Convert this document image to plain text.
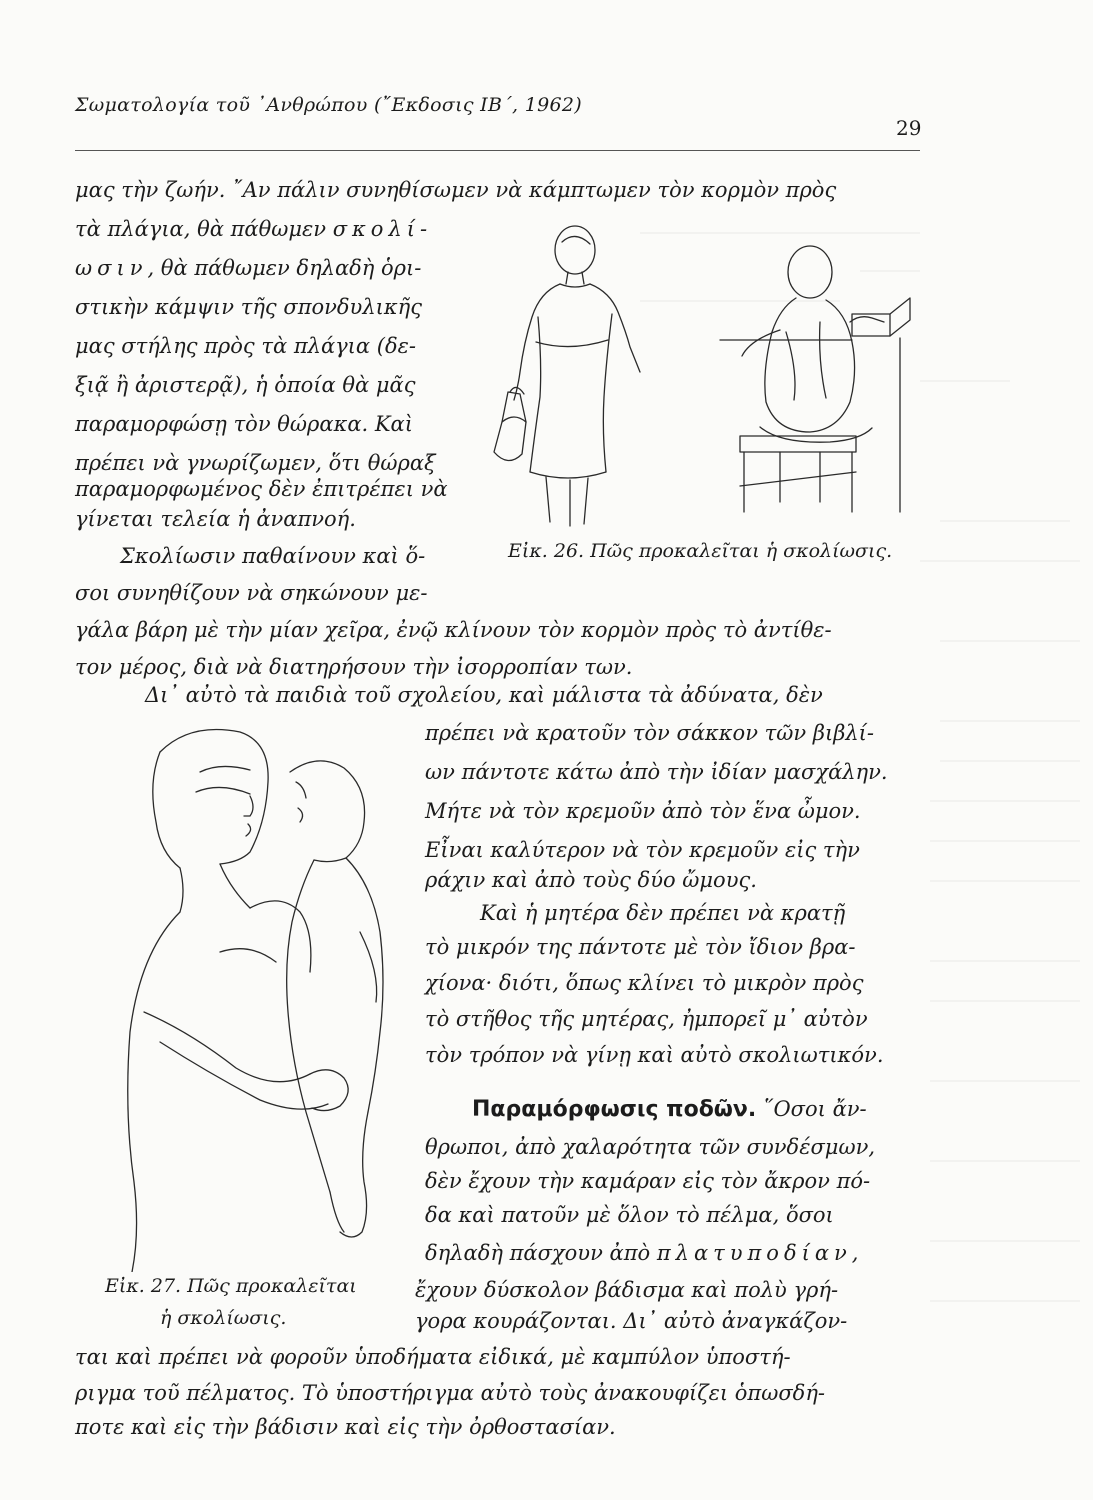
Σωματολογία τοῦ ᾿Ανθρώπου (῎Εκδοσις ΙΒ΄, 1962)
29
μας τὴν ζωήν. ῎Αν πάλιν συνηθίσωμεν νὰ κάμπτωμεν τὸν κορμὸν πρὸς
τὰ πλάγια, θὰ πάθωμεν σκολί-
ωσιν, θὰ πάθωμεν δηλαδὴ ὁρι-
στικὴν κάμψιν τῆς σπονδυλικῆς
μας στήλης πρὸς τὰ πλάγια (δε-
ξιᾷ ἢ ἀριστερᾷ), ἡ ὁποία θὰ μᾶς
παραμορφώσῃ τὸν θώρακα. Καὶ
πρέπει νὰ γνωρίζωμεν, ὅτι θώραξ
παραμορφωμένος δὲν ἐπιτρέπει νὰ
γίνεται τελεία ἡ ἀναπνοή.
Σκολίωσιν παθαίνουν καὶ ὅ-
σοι συνηθίζουν νὰ σηκώνουν με-
γάλα βάρη μὲ τὴν μίαν χεῖρα, ἐνῷ κλίνουν τὸν κορμὸν πρὸς τὸ ἀντίθε-
τον μέρος, διὰ νὰ διατηρήσουν τὴν ἰσορροπίαν των.
Δι᾿ αὐτὸ τὰ παιδιὰ τοῦ σχολείου, καὶ μάλιστα τὰ ἀδύνατα, δὲν
Εἰκ. 26. Πῶς προκαλεῖται ἡ σκολίωσις.
Εἰκ. 27. Πῶς προκαλεῖται
ἡ σκολίωσις.
πρέπει νὰ κρατοῦν τὸν σάκκον τῶν βιβλί-
ων πάντοτε κάτω ἀπὸ τὴν ἰδίαν μασχάλην.
Μήτε νὰ τὸν κρεμοῦν ἀπὸ τὸν ἕνα ὦμον.
Εἶναι καλύτερον νὰ τὸν κρεμοῦν εἰς τὴν
ράχιν καὶ ἀπὸ τοὺς δύο ὤμους.
Καὶ ἡ μητέρα δὲν πρέπει νὰ κρατῇ
τὸ μικρόν της πάντοτε μὲ τὸν ἴδιον βρα-
χίονα· διότι, ὅπως κλίνει τὸ μικρὸν πρὸς
τὸ στῆθος τῆς μητέρας, ἠμπορεῖ μ᾿ αὐτὸν
τὸν τρόπον νὰ γίνῃ καὶ αὐτὸ σκολιωτικόν.
Παραμόρφωσις ποδῶν. ῞Οσοι ἄν-
θρωποι, ἀπὸ χαλαρότητα τῶν συνδέσμων,
δὲν ἔχουν τὴν καμάραν εἰς τὸν ἄκρον πό-
δα καὶ πατοῦν μὲ ὅλον τὸ πέλμα, ὅσοι
δηλαδὴ πάσχουν ἀπὸ πλατυποδίαν,
ἔχουν δύσκολον βάδισμα καὶ πολὺ γρή-
γορα κουράζονται. Δι᾿ αὐτὸ ἀναγκάζον-
ται καὶ πρέπει νὰ φοροῦν ὑποδήματα εἰδικά, μὲ καμπύλον ὑποστή-
ριγμα τοῦ πέλματος. Τὸ ὑποστήριγμα αὐτὸ τοὺς ἀνακουφίζει ὁπωσδή-
ποτε καὶ εἰς τὴν βάδισιν καὶ εἰς τὴν ὀρθοστασίαν.
